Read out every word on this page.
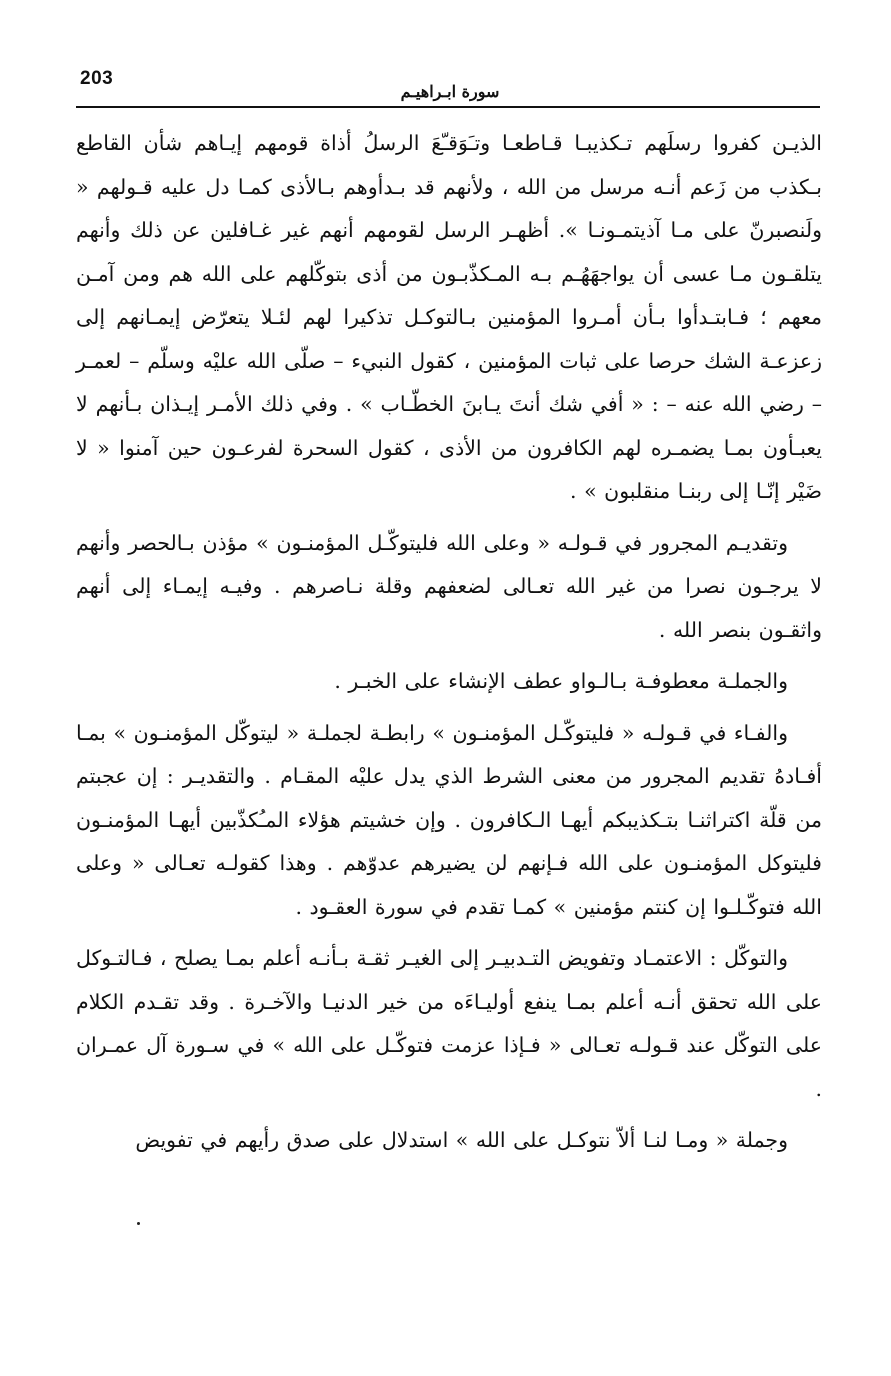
203
سورة ابـراهيـم

الذيـن كفروا رسلَهم تـكذيبـا قـاطعـا وتـَوَقـّعَ الرسلُ أذاة قومهم إيـاهم شأن القاطع بـكذب من زَعم أنـه مرسل من الله ، ولأنهم قد بـدأوهم بـالأذى كمـا دل عليه قـولهم « ولَنصبرنّ على مـا آذيتمـونـا ». أظهـر الرسل لقومهم أنهم غير غـافلين عن ذلك وأنهم يتلقـون مـا عسى أن يواجهَهُـم بـه المـكذّبـون من أذى بتوكّلهم على الله هم ومن آمـن معهم ؛ فـابتـدأوا بـأن أمـروا المؤمنين بـالتوكـل تذكيرا لهم لئـلا يتعرّض إيمـانهم إلى زعزعـة الشك حرصا على ثبات المؤمنين ، كقول النبيء – صلّى الله عليْه وسلّم – لعمـر – رضي الله عنه – : « أفي شك أنتَ يـابنَ الخطّـاب » . وفي ذلك الأمـر إيـذان بـأنهم لا يعبـأون بمـا يضمـره لهم الكافرون من الأذى ، كقول السحرة لفرعـون حين آمنوا « لا ضَيْر إنّـا إلى ربنـا منقلبون » .

وتقديـم المجرور في قـولـه « وعلى الله فليتوكّـل المؤمنـون » مؤذن بـالحصر وأنهم لا يرجـون نصرا من غير الله تعـالى لضعفهم وقلة نـاصرهم . وفيـه إيمـاء إلى أنهم واثقـون بنصر الله .

والجملـة معطوفـة بـالـواو عطف الإنشاء على الخبـر .

والفـاء في قـولـه « فليتوكّـل المؤمنـون » رابطـة لجملـة « ليتوكّل المؤمنـون » بمـا أفـادهُ تقديم المجرور من معنى الشرط الذي يدل عليْه المقـام . والتقديـر : إن عجبتم من قلّة اكتراثنـا بتـكذيبكم أيهـا الـكافرون . وإن خشيتم هؤلاء المـُكذّبين أيهـا المؤمنـون فليتوكل المؤمنـون على الله فـإنهم لن يضيرهم عدوّهم . وهذا كقولـه تعـالى « وعلى الله فتوكّـلـوا إن كنتم مؤمنين » كمـا تقدم في سورة العقـود .

والتوكّل : الاعتمـاد وتفويض التـدبيـر إلى الغيـر ثقـة بـأنـه أعلم بمـا يصلح ، فـالتـوكل على الله تحقق أنـه أعلم بمـا ينفع أوليـاءَه من خير الدنيـا والآخـرة . وقد تقـدم الكلام على التوكّل عند قـولـه تعـالى « فـإذا عزمت فتوكّـل على الله » في سـورة آل عمـران .

وجملة « ومـا لنـا ألاّ نتوكـل على الله » استدلال على صدق رأيهم في تفويض
